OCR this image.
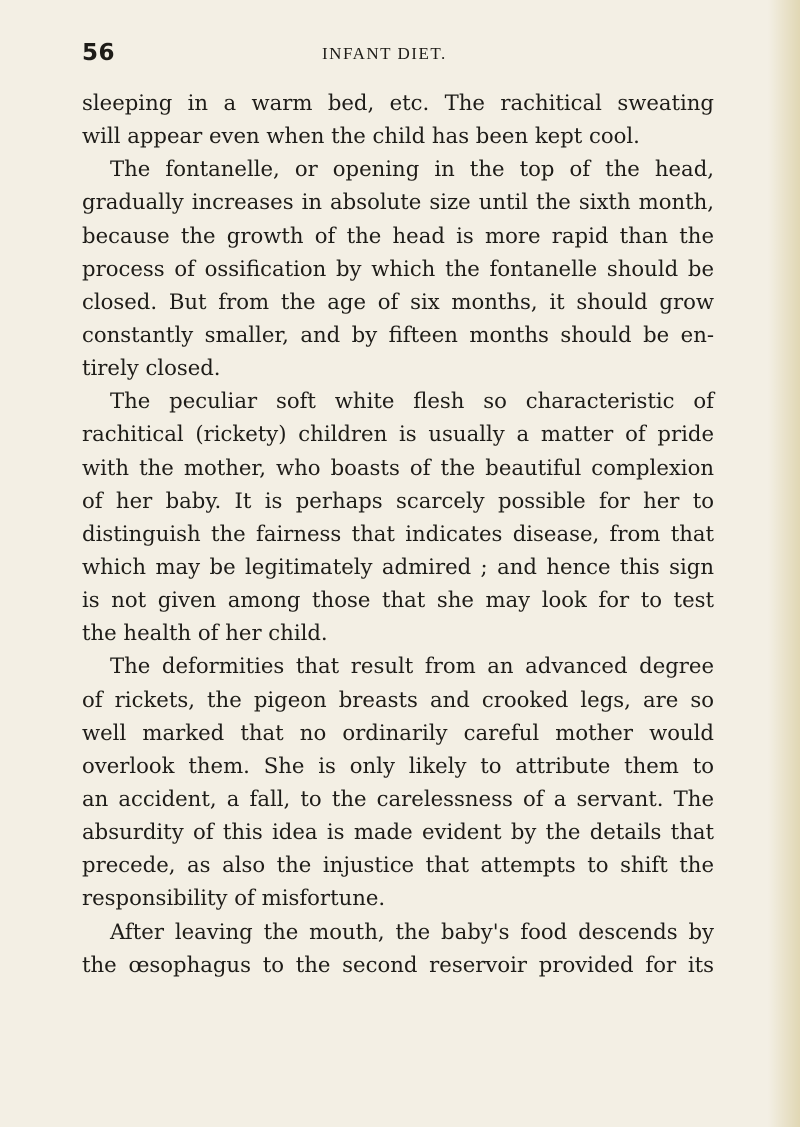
56	INFANT DIET.
sleeping in a warm bed, etc. The rachitical sweating
will appear even when the child has been kept cool.
The fontanelle, or opening in the top of the head,
gradually increases in absolute size until the sixth month,
because the growth of the head is more rapid than the
process of ossification by which the fontanelle should be
closed. But from the age of six months, it should grow
constantly smaller, and by fifteen months should be en-
tirely closed.
The peculiar soft white flesh so characteristic of
rachitical (rickety) children is usually a matter of pride
with the mother, who boasts of the beautiful complexion
of her baby. It is perhaps scarcely possible for her to
distinguish the fairness that indicates disease, from that
which may be legitimately admired ; and hence this sign
is not given among those that she may look for to test
the health of her child.
The deformities that result from an advanced degree
of rickets, the pigeon breasts and crooked legs, are so
well marked that no ordinarily careful mother would
overlook them. She is only likely to attribute them to
an accident, a fall, to the carelessness of a servant. The
absurdity of this idea is made evident by the details that
precede, as also the injustice that attempts to shift the
responsibility of misfortune.
After leaving the mouth, the baby's food descends by
the œsophagus to the second reservoir provided for its
